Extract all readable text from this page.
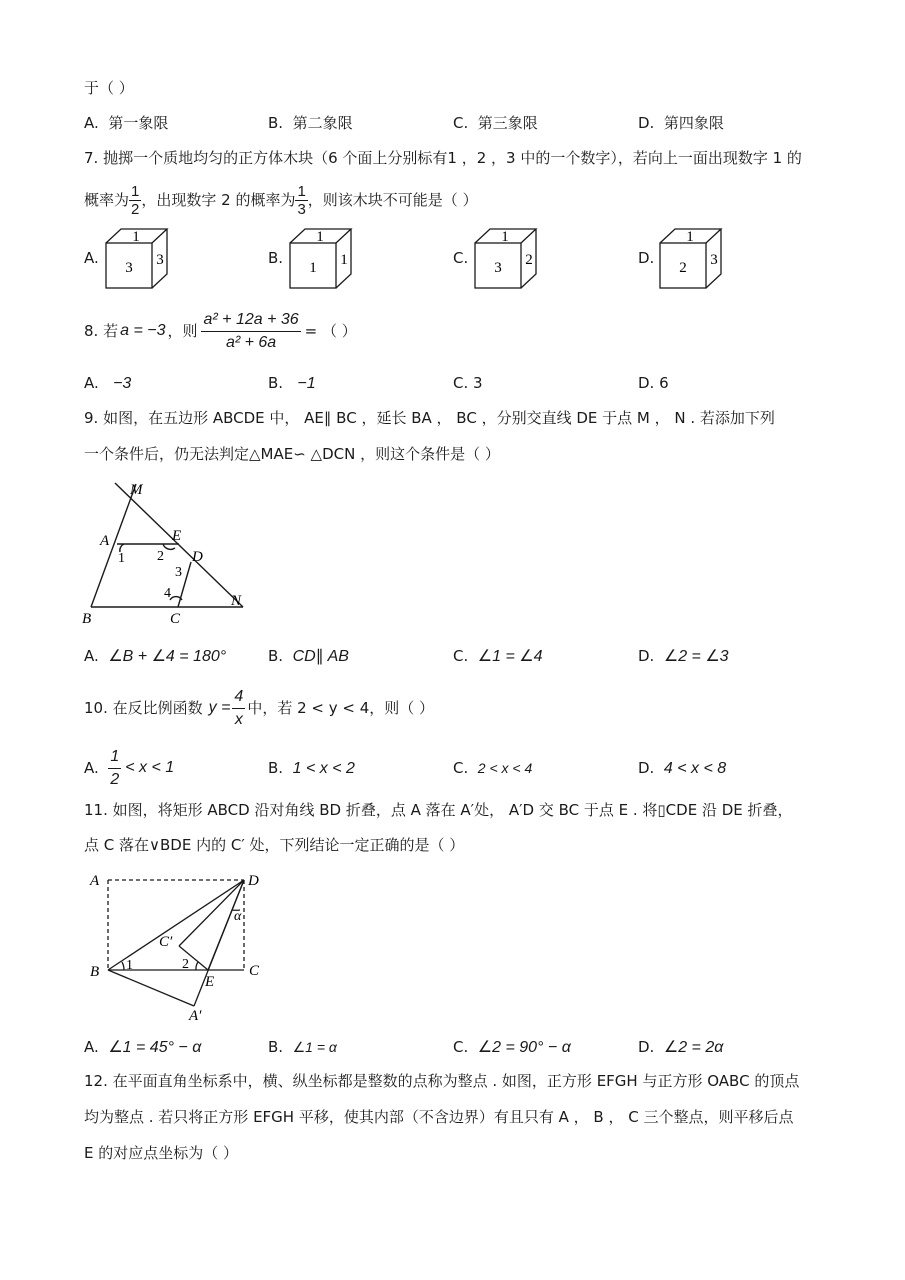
于（ ）
A.  第一象限	B.  第二象限	C.  第三象限	D.  第四象限
7. 抛掷一个质地均匀的正方体木块（6 个面上分别标有1 ，2 ，3 中的一个数字），若向上一面出现数字 1 的
概率为 $\frac{1}{2}$ ，出现数字 2 的概率为 $\frac{1}{3}$ ，则该木块不可能是（ ）
A.
1
3 3	B.
1
1 1	C.
1
3 2	D.
1
2 3
8. 若 a = −3 ，则 $\frac{\text{a² + 12a + 36}}{\text{a² + 6a}}$ = （ ）
A.   −3	B.   −1	C. 3	D. 6
9. 如图，在五边形 ABCDE 中， AE∥ BC ，延长 BA ， BC ，分别交直线 DE 于点 M ， N . 若添加下列
一个条件后，仍无法判定△MAE∽ △DCN ，则这个条件是（ ）
M
A	E
D
B	C
N
1 2
3
4
A.  ∠B + ∠4 = 180°	B.  CD∥ AB	C.  ∠1 = ∠4	D.  ∠2 = ∠3
10. 在反比例函数 $y = \frac{4}{x}$ 中，若 2 < y < 4，则（ ）
A. $\frac{1}{2} < x < 1$	B.  1 < x < 2	C.  2 < x < 4	D.  4 < x < 8
11. 如图，将矩形 ABCD 沿对角线 BD 折叠，点 A 落在 A′处， A′D 交 BC 于点 E . 将▯CDE 沿 DE 折叠，
点 C 落在∨BDE 内的 C′ 处，下列结论一定正确的是（ ）
A	D
B	C
E
C′
A′
1	2
α
A.  ∠1 = 45° − α	B.  ∠1 = α	C.  ∠2 = 90° − α	D.  ∠2 = 2α
12. 在平面直角坐标系中，横、纵坐标都是整数的点称为整点 . 如图，正方形 EFGH 与正方形 OABC 的顶点
均为整点 . 若只将正方形 EFGH 平移，使其内部（不含边界）有且只有 A ， B ， C 三个整点，则平移后点
E 的对应点坐标为（ ）
